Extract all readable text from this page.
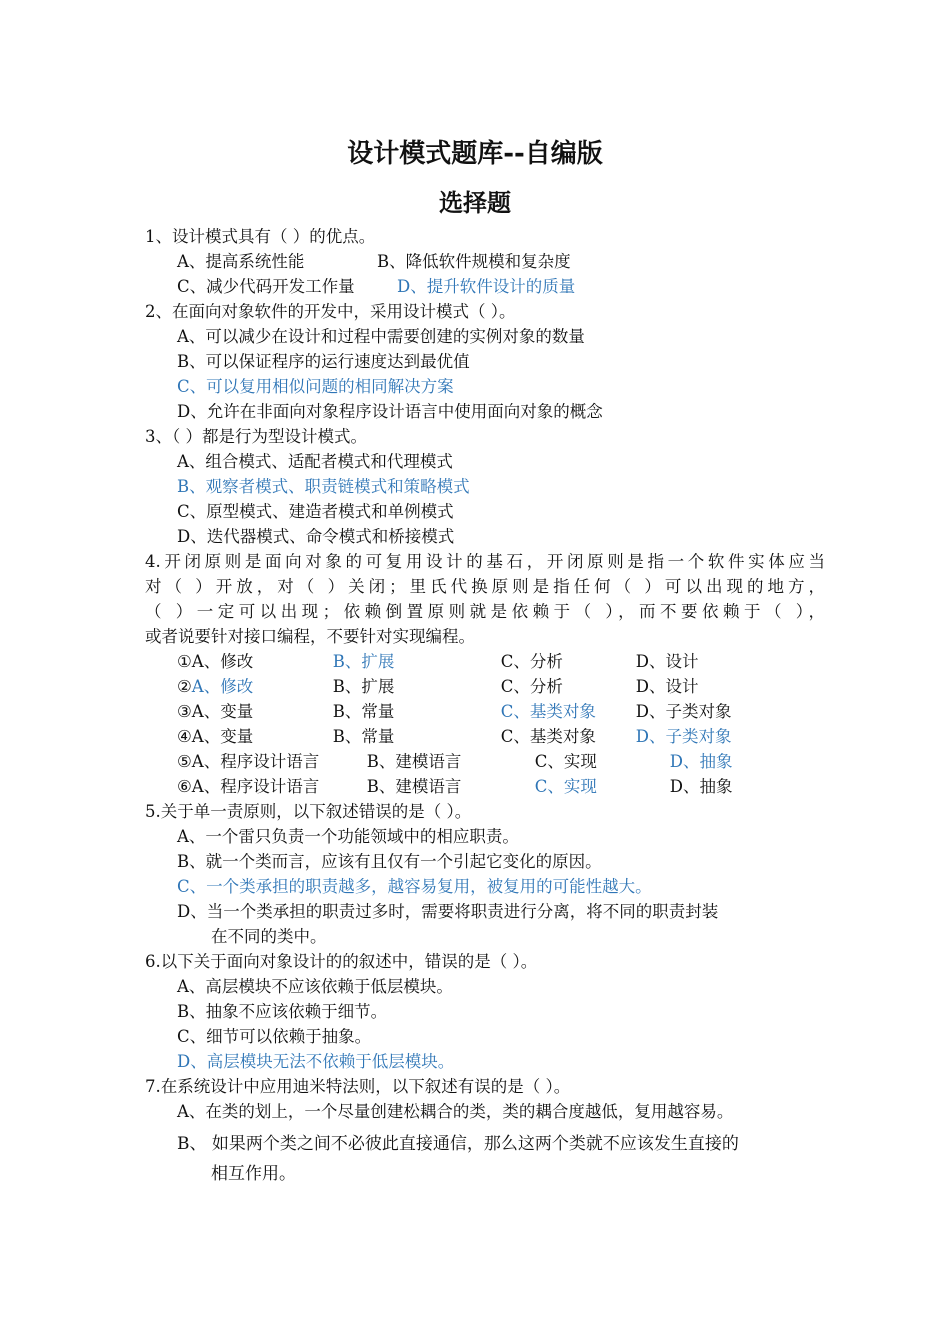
设计模式题库--自编版
选择题
1、设计模式具有（ ）的优点。
A、提高系统性能	B、降低软件规模和复杂度
C、减少代码开发工作量	D、提升软件设计的质量
2、在面向对象软件的开发中，采用设计模式（ ）。
A、可以减少在设计和过程中需要创建的实例对象的数量
B、可以保证程序的运行速度达到最优值
C、可以复用相似问题的相同解决方案
D、允许在非面向对象程序设计语言中使用面向对象的概念
3、（ ）都是行为型设计模式。
A、组合模式、适配者模式和代理模式
B、观察者模式、职责链模式和策略模式
C、原型模式、建造者模式和单例模式
D、迭代器模式、命令模式和桥接模式
4.开闭原则是面向对象的可复用设计的基石，开闭原则是指一个软件实体应当
对（ ）开放，对（ ）关闭；里氏代换原则是指任何（ ）可以出现的地方，
（ ）一定可以出现；依赖倒置原则就是依赖于（ ），而不要依赖于（ ），
或者说要针对接口编程，不要针对实现编程。
①A、修改	B、扩展	C、分析	D、设计
②A、修改	B、扩展	C、分析	D、设计
③A、变量	B、常量	C、基类对象 D、子类对象
④A、变量	B、常量	C、基类对象 D、子类对象
⑤A、程序设计语言	B、建模语言	C、实现	D、抽象
⑥A、程序设计语言	B、建模语言	C、实现	D、抽象
5.关于单一责原则，以下叙述错误的是（ ）。
A、一个雷只负责一个功能领域中的相应职责。
B、就一个类而言，应该有且仅有一个引起它变化的原因。
C、一个类承担的职责越多，越容易复用，被复用的可能性越大。
D、当一个类承担的职责过多时，需要将职责进行分离，将不同的职责封装
在不同的类中。
6.以下关于面向对象设计的的叙述中，错误的是（ ）。
A、高层模块不应该依赖于低层模块。
B、抽象不应该依赖于细节。
C、细节可以依赖于抽象。
D、高层模块无法不依赖于低层模块。
7.在系统设计中应用迪米特法则，以下叙述有误的是（ ）。
A、在类的划上，一个尽量创建松耦合的类，类的耦合度越低，复用越容易。
B、 如果两个类之间不必彼此直接通信，那么这两个类就不应该发生直接的
相互作用。
